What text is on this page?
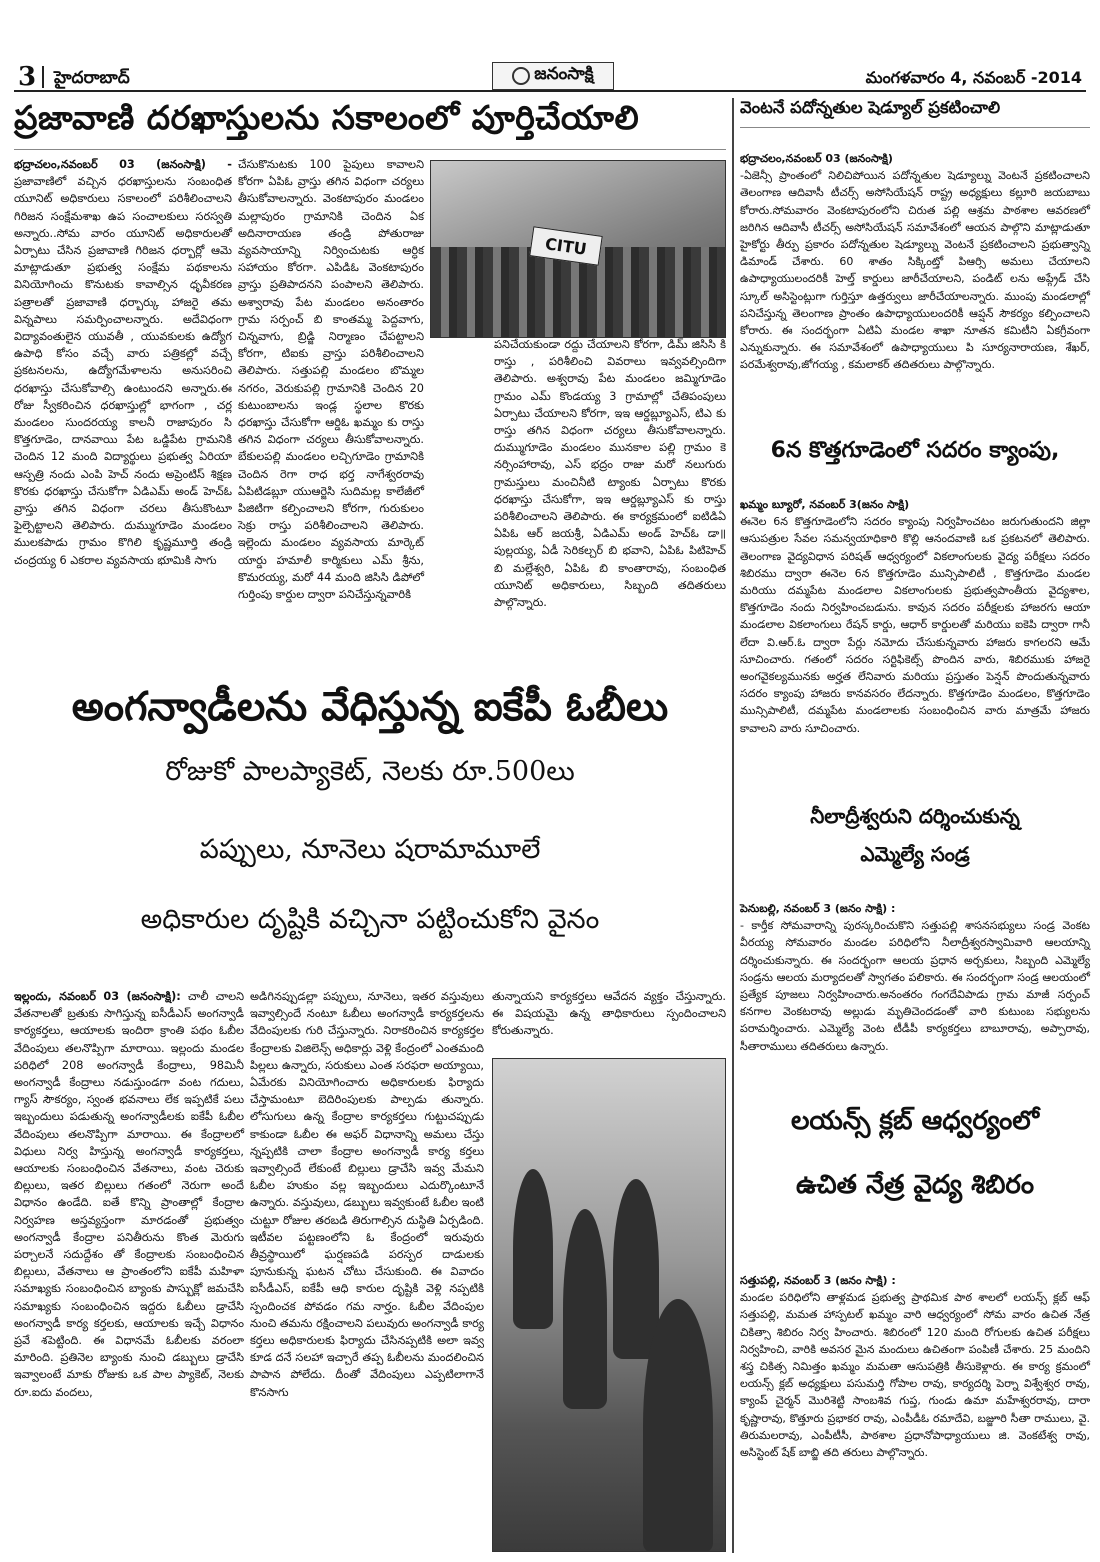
3 హైదరాబాద్	జనంసాక్షి	మంగళవారం 4, నవంబర్ -2014
ప్రజావాణి దరఖాస్తులను సకాలంలో పూర్తిచేయాలి
భద్రాచలం,నవంబర్ 03 (జనంసాక్షి) - ప్రజావాణిలో వచ్చిన ధరఖాస్తులను సంబంధిత యూనిట్ అధికారులు సకాలంలో పరిశీలించాలని గిరిజన సంక్షేమశాఖ ఉప సంచాలకులు సరస్వతి అన్నారు..సోమ వారం యూనిట్ అధికారులతో ఏర్పాటు చేసిన ప్రజావాణి గిరిజన ధర్బార్లో ఆమె మాట్లాడుతూ ప్రభుత్వ సంక్షేమ పథకాలను వినియోగించు కొనుటకు కావాల్సిన ధృవీకరణ పత్రాలతో ప్రజావాణి ధర్బార్కు హాజరై తమ విన్నపాలు సమర్పించాలన్నారు. అదేవిధంగా విద్యావంతులైన యువతీ , యువకులకు ఉద్యోగ ఉపాధి కోసం వచ్చే వారు పత్రికల్లో వచ్చే ప్రకటనలను, ఉద్యోగమేళాలను అనుసరించి ధరఖాస్తు చేసుకోవాల్సి ఉంటుందని అన్నారు.ఈ రోజు స్వీకరించిన ధరఖాస్తుల్లో భాగంగా , చర్ల మండలం సుందరయ్య కాలనీ రాజాపురం సి కొత్తగూడెం, దానవాయి పేట ఒడ్డిపేట గ్రామనికి చెందిన 12 మంది విద్యార్థులు ప్రభుత్వ ఏరియా ఆస్పత్రి నందు ఎంపి హెచ్ నందు అప్రెంటిస్ శిక్షణ కొరకు ధరఖాస్తు చేసుకోగా ఏడిఎమ్ అండ్ హెచ్ఓ వ్రాస్తు తగిన విధంగా చరలు తీసుకొంటూ ఫైల్పెట్టాలని తెలిపారు. దుమ్ముగూడెం మండలం ములకపాడు గ్రామం కొగిలి కృష్ణమూర్తి తండ్రి చంద్రయ్య 6 ఎకరాల వ్యవసాయ భూమికి సాగు
చేసుకొనుటకు 100 పైపులు కావాలని కోరగా ఏపిఓ వ్రాస్తు తగిన విధంగా చర్యలు తీసుకోవాలన్నారు. వెంకటాపురం మండలం మల్లాపురం గ్రామానికి చెందిన ఏక అదినారాయణ తండ్రి పోతురాజు వ్యవసాయాన్ని నిర్వించుటకు ఆర్ధిక సహాయం కోరగా. ఎపిడిఓ వెంకటాపురం వ్రాస్తు ప్రతిపాదనని పంపాలని తెలిపారు. అశ్వారావు పేట మండలం అనంతారం గ్రామ సర్పంచ్ బి కాంతమ్మ పెద్దవాగు, చిన్నవాగు, బ్రిడ్జి నిర్మాణం చేపట్టాలని కోరగా, టిఐకు వ్రాస్తు పరిశీలించాలని తెలిపారు. సత్తుపల్లి మండలం బొమ్మల నగరం, వెరుకుపల్లి గ్రామానికి చెందిన 20 కుటుంబాలను ఇండ్ల స్థలాల కొరకు ధరఖాస్తు చేసుకోగా ఆర్డిఓ ఖమ్మం కు రాస్తు తగిన విధంగా చర్యలు తీసుకోవాలన్నారు. బేకులపల్లి మండలం లచ్చిగూడెం గ్రామానికి చెందిన రెగా రాధ భర్త నాగేశ్వరరావు ఏపిటిడబ్లూ యుఆర్జెసి సుదిమల్ల కాలేజీలో పిజిటిగా కల్పించాలని కోరగా, గురుకులం సెక్రు రాస్తు పరిశీలించాలని తెలిపారు. ఇల్లెందు మండలం వ్యవసాయ మార్కెట్ యార్డు హమాలీ కార్మికులు ఎమ్ శ్రీను, కొమరయ్య, మరో 44 మంది జిసిసి డిపోలో గుర్తింపు కార్డుల ద్వారా పనిచేస్తున్నవారికి
CITU
పనిచేయకుండా రద్దు చేయాలని కోరగా, డిమ్ జిసిసి కి రాస్తు , పరిశీలించి వివరాలు ఇవ్వవల్సిందిగా తెలిపారు. అశ్వరావు పేట మండలం జమ్మిగూడెం గ్రామం ఎమ్ కొండయ్య 3 గ్రామాల్లో చేతిపంపులు ఏర్పాటు చేయాలని కోరగా, ఇఇ ఆర్డబ్ల్యూఎస్, టిఎ కు రాస్తు తగిన విధంగా చర్యలు తీసుకోవాలన్నారు. దుమ్ముగూడెం మండలం మునకాల పల్లి గ్రామం కె నర్సింహారావు, ఎస్ భద్రం రాజు మరో నలుగురు గ్రామస్తులు మంచినీటి ట్యాంకు ఏర్పాటు కొరకు ధరఖాస్తు చేసుకోగా, ఇఇ ఆర్డబ్ల్యూఎస్ కు రాస్తు పరిశీలించాలని తెలిపారు. ఈ కార్యక్రమంలో ఐటిడిఏ ఏపిఓ ఆర్ జయశ్రీ, ఏడిఎమ్ అండ్ హెచ్ఓ డా॥ పుల్లయ్య, ఏడీ సెరికల్చర్ బి భవాని, ఏపిఓ పిటిహెచ్ బి మల్లేశ్వరి, ఏపిఓ బి కాంతారావు, సంబంధిత యూనిట్ అధికారులు, సిబ్బంది తదితరులు పాల్గొన్నారు.
అంగన్వాడీలను వేధిస్తున్న ఐకేపీ ఓబీలు
రోజుకో పాలప్యాకెట్, నెలకు రూ.500లు
పప్పులు, నూనెలు షరామామూలే
అధికారుల దృష్టికి వచ్చినా పట్టించుకోని వైనం
ఇల్లందు, నవంబర్ 03 (జనంసాక్షి): చాలీ చాలని వేతనాలతో బ్రతుకు సాగిస్తున్న ఐసీడీఎస్ అంగన్వాడీ కార్యకర్తలు, ఆయాలకు ఇందిరా క్రాంతి పథం ఓబీల వేదింపులు తలనొప్పిగా మారాయి. ఇల్లందు మండల పరిధిలో 208 అంగన్వాడీ కేంద్రాలు, 98మినీ అంగన్వాడీ కేంద్రాలు నడుస్తుండగా వంట గదులు, గ్యాస్ సౌకర్యం, స్వంత భవనాలు లేక ఇప్పటికే పలు ఇబ్బందులు పడుతున్న అంగన్వాడీలకు ఐకేపీ ఓబీల వేదింపులు తలనొప్పిగా మారాయి. ఈ కేంద్రాలలో విధులు నిర్వ హిస్తున్న అంగన్వాడీ కార్యకర్తలు, ఆయాలకు సంబంధించిన వేతనాలు, వంట చెరుకు బిల్లులు, ఇతర బిల్లులు గతంలో నెరుగా అందే విధానం ఉండేది. ఐతే కొన్ని ప్రాంతాల్లో కేంద్రాల నిర్వహణ అస్తవ్యస్తంగా మారడంతో ప్రభుత్వం అంగన్వాడీ కేంద్రాల పనితీరును కొంత మెరుగు పర్చాలనే సదుద్దేశం తో కేంద్రాలకు సంబంధించిన బిల్లులు, వేతనాలు ఆ ప్రాంతంలోని ఐకేపీ మహిళా సమాఖ్యకు సంబంధించిన బ్యాంకు పాస్బుక్లో జమచేసి సమాఖ్యకు సంబంధించిన ఇద్దరు ఓబీలు డ్రాచేసి అంగన్వాడీ కార్య కర్తలకు, ఆయాలకు ఇచ్చే విధానం ప్రవే శపెట్టింది. ఈ విధానమే ఓబీలకు వరంలా మారింది. ప్రతినెల బ్యాంకు నుంచి డబ్బులు డ్రాచేసి ఇవ్వాలంటే మాకు రోజుకు ఒక పాల ప్యాకెట్, నెలకు రూ.ఐదు వందలు,
అడిగినప్పుడల్లా పప్పులు, నూనెలు, ఇతర వస్తువులు ఇవ్వాల్సిందే నంటూ ఓబీలు అంగన్వాడీ కార్యకర్తలను వేదింపులకు గురి చేస్తున్నారు. నిరాకరించిన కార్యకర్తల కేంద్రాలకు విజిలెన్స్ అధికార్లు వెళ్లి కేంద్రంలో ఎంతమంది పిల్లలు ఉన్నారు, సరుకులు ఎంత సరఫరా అయ్యాయి, ఏమేరకు వినియోగించారు అధికారులకు ఫిర్యాదు చేస్తామంటూ బెదిరింపులకు పాల్పడు తున్నారు. లోసుగులు ఉన్న కేంద్రాల కార్యకర్తలు గుట్టుచప్పుడు కాకుండా ఓబీల ఈ అఫర్ విధానాన్ని అమలు చేస్తు న్నప్పటికి చాలా కేంద్రాల అంగన్వాడీ కార్య కర్తలు ఇవ్వాల్సిందే లేకుంటే బిల్లులు డ్రాచేసి ఇవ్వ మేమని ఓబీల హుకుం వల్ల ఇబ్బందులు ఎదుర్కొంటూనే ఉన్నారు. వస్తువులు, డబ్బులు ఇవ్వకుంటే ఓబీల ఇంటి చుట్టూ రోజుల తరబడి తిరుగాల్సిన దుస్థితి ఏర్పడింది. ఇటీవల పట్టణంలోని ఓ కేంద్రంలో ఇరువురు తీవ్రస్థాయిలో ఘర్షణపడి పరస్పర దాడులకు పూనుకున్న ఘటన చోటు చేసుకుంది. ఈ వివాదం ఐసీడీఎస్, ఐకేపీ ఆధి కారుల దృష్టికి వెళ్లి నప్పటికి స్పందించక పోవడం గమ నార్హం. ఓబీల వేదింపుల నుంచి తమను రక్షించాలని పలువురు అంగన్వాడీ కార్య కర్తలు అధికారులకు ఫిర్యాదు చేసినప్పటికి అలా ఇవ్వ కూడ దనే సలహా ఇచ్చారే తప్ప ఓబీలను మందలించిన పాపాన పోలేదు. దీంతో వేదింపులు ఎప్పటిలాగానే కొనసాగు
తున్నాయని కార్యకర్తలు ఆవేదన వ్యక్తం చేస్తున్నారు. ఈ విషయమై ఉన్న తాధికారులు స్పందించాలని కోరుతున్నారు.
వెంటనే పదోన్నతుల షెడ్యూల్ ప్రకటించాలి
భద్రాచలం,నవంబర్ 03 (జనంసాక్షి)
-ఏజెన్సీ ప్రాంతంలో నిలిచిపోయిన పదోన్నతుల షెడ్యూల్ను వెంటనే ప్రకటించాలని తెలంగాణ ఆదివాసీ టీచర్స్ అసోసియేషన్ రాష్ట్ర అధ్యక్షులు కల్లూరి జయబాబు కోరారు.సోమవారం వెంకటాపురంలోని చిరుత పల్లి ఆశ్రమ పాఠశాల ఆవరణలో జరిగిన ఆదివాసీ టీచర్స్ అసోసియేషన్ సమావేశంలో ఆయన పాల్గొని మాట్లాడుతూ హైకోర్టు తీర్పు ప్రకారం పదోన్నతుల షెడ్యూల్ను వెంటనే ప్రకటించాలని ప్రభుత్వాన్ని డిమాండ్ చేశారు. 60 శాతం సిక్కింట్తో పిఆర్సి అమలు చేయాలని ఉపాధ్యాయులందరికీ హెల్త్ కార్డులు జారీచేయాలని, పండిట్ లను అప్గ్రేడ్ చేసి స్కూల్ అసిస్టెంట్లుగా గుర్తిస్తూ ఉత్తర్వులు జారీచేయాలన్నారు. ముంపు మండలాల్లో పనిచేస్తున్న తెలంగాణ ప్రాంతం ఉపాధ్యాయులందరికీ ఆప్షన్ సౌకర్యం కల్పించాలని కోరారు. ఈ సందర్భంగా ఏటిఏ మండల శాఖా నూతన కమిటీని ఏకగ్రీవంగా ఎన్నుకున్నారు. ఈ సమావేశంలో ఉపాధ్యాయులు పి సూర్యనారాయణ, శేఖర్, పరమేశ్వరావు,జోగయ్య , కమలాకర్ తదితరులు పాల్గొన్నారు.
6న కొత్తగూడెంలో సదరం క్యాంపు,
ఖమ్మం బ్యూరో, నవంబర్ 3(జనం సాక్షి)
ఈనెల 6న కొత్తగూడెంలోని సదరం క్యాంపు నిర్వహించటం జరుగుతుందని జిల్లా ఆసుపత్రుల సేవల సమన్వయాధికారి కొల్లి ఆనందవాణి ఒక ప్రకటనలో తెలిపారు. తెలంగాణ వైద్యవిధాన పరిషత్ ఆధ్వర్యంలో వికలాంగులకు వైద్య పరీక్షలు సదరం శిబిరము ద్వారా ఈనెల 6న కొత్తగూడెం మున్సిపాలిటీ , కొత్తగూడెం మండల మరియు దమ్మపేట మండలాల వికలాంగులకు ప్రభుత్వపాంతీయ వైద్యశాల, కొత్తగూడెం నందు నిర్వహించబడును. కావున సదరం పరీక్షలకు హాజరగు ఆయా మండలాల వికలాంగులు రేషన్ కార్డు, ఆధార్ కార్డులతో మరియు ఐకెపి ద్వారా గానీ లేదా వి.ఆర్.ఓ ద్వారా పేర్లు నమోదు చేసుకున్నవారు హాజరు కాగలరని ఆమే సూచించారు. గతంలో సదరం సర్టిఫికెట్స్ పొందిన వారు, శిబిరముకు హాజరై అంగవైకల్యమునకు అర్హత లేనివారు మరియు ప్రస్తుతం పెన్షన్ పొందుతున్నవారు సదరం క్యాంపు హాజరు కానవసరం లేదన్నారు. కొత్తగూడెం మండలం, కొత్తగూడెం మున్సిపాలిటీ, దమ్మపేట మండలాలకు సంబంధించిన వారు మాత్రమే హాజరు కావాలని వారు సూచించారు.
నీలాద్రీశ్వరుని దర్శించుకున్న
ఎమ్మెల్యే సండ్ర
పెనుబల్లి, నవంబర్ 3 (జనం సాక్షి) :
- కార్తీక సోమవారాన్ని పురస్కరించుకొని సత్తుపల్లి శాసనసభ్యులు సండ్ర వెంకట వీరయ్య సోమవారం మండల పరిధిలోని నీలాద్రీశ్వరస్వామివారి ఆలయాన్ని దర్శించుకున్నారు. ఈ సందర్భంగా ఆలయ ప్రధాన అర్చకులు, సిబ్బంది ఎమ్మెల్యే సండ్రను ఆలయ మర్యాదలతో స్వాగతం పలికారు. ఈ సందర్భంగా సండ్ర ఆలయంలో ప్రత్యేక పూజలు నిర్వహించారు.అనంతరం గంగదేవిపాడు గ్రామ మాజీ సర్పంచ్ కనగాల వెంకటరావు అల్లుడు మృతిచెందడంతో వారి కుటుంబ సభ్యులను పరామర్శించారు. ఎమ్మెల్యే వెంట టీడీపీ కార్యకర్తలు బాబూరావు, అప్పారావు, సీతారాములు తదితరులు ఉన్నారు.
లయన్స్ క్లబ్ ఆధ్వర్యంలో
ఉచిత నేత్ర వైద్య శిబిరం
సత్తుపల్లి, నవంబర్ 3 (జనం సాక్షి) :
మండల పరిధిలోని తాళ్లమడ ప్రభుత్వ ప్రాథమిక పాఠ శాలలో లయన్స్ క్లబ్ ఆఫ్ సత్తుపల్లి, మమత హాస్పటల్ ఖమ్మం వారి ఆధ్వర్యంలో సోమ వారం ఉచిత నేత్ర చికిత్సా శిబిరం నిర్వ హించారు. శిబిరంలో 120 మంది రోగులకు ఉచిత పరీక్షలు నిర్వహించి, వారికి అవసర మైన మందులు ఉచితంగా పంపిణీ చేశారు. 25 మందిని శస్త్ర చికిత్స నిమిత్తం ఖమ్మం మమతా ఆసుపత్రికి తీసుకెళ్లారు. ఈ కార్య క్రమంలో లయన్స్ క్లబ్ అధ్యక్షులు పసుమర్తి గోపాల రావు, కార్యదర్శి పెర్నా విశ్వేశ్వర రావు, క్యాంప్ చైర్మన్ మొరిశెట్టి సాంబశివ గుప్త, గుండు ఉమా మహేశ్వరరావు, దారా కృష్ణారావు, కొత్తూరు ప్రభాకర రావు, ఎంపీడీఓ రమాదేవి, బజ్జూరి సీతా రాములు, వై. తిరుమలరావు, ఎంపీటీసీ, పాఠశాల ప్రధానోపాధ్యాయులు జి. వెంకటేశ్వ రావు, అసిస్టెంట్ షేక్ బాబ్జి తది తరులు పాల్గొన్నారు.
